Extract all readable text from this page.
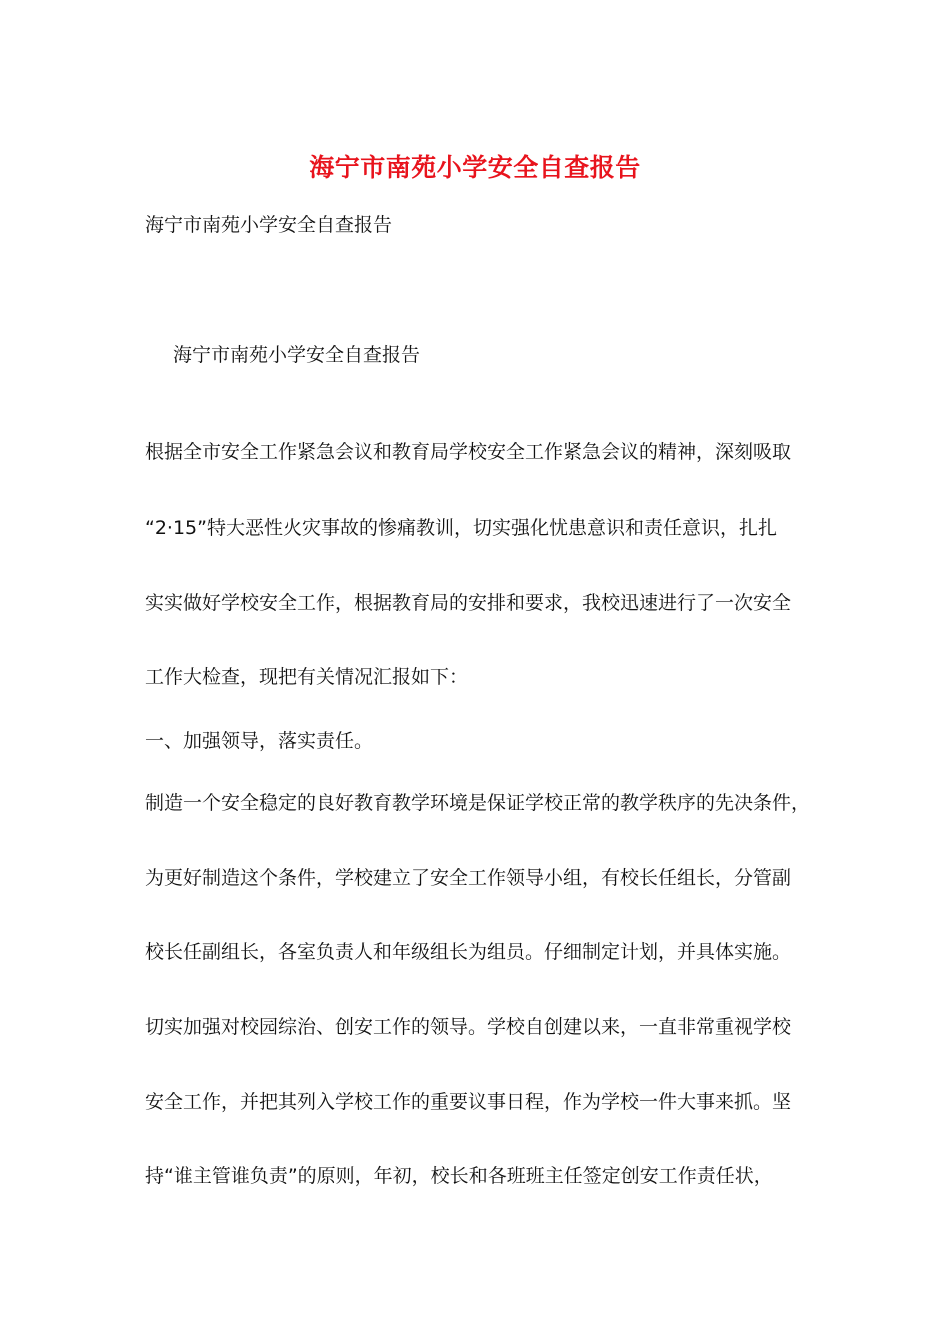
海宁市南苑小学安全自查报告
海宁市南苑小学安全自查报告
海宁市南苑小学安全自查报告
根据全市安全工作紧急会议和教育局学校安全工作紧急会议的精神，深刻吸取
“2·15”特大恶性火灾事故的惨痛教训，切实强化忧患意识和责任意识，扎扎
实实做好学校安全工作，根据教育局的安排和要求，我校迅速进行了一次安全
工作大检查，现把有关情况汇报如下：
一、加强领导，落实责任。
制造一个安全稳定的良好教育教学环境是保证学校正常的教学秩序的先决条件，
为更好制造这个条件，学校建立了安全工作领导小组，有校长任组长，分管副
校长任副组长，各室负责人和年级组长为组员。仔细制定计划，并具体实施。
切实加强对校园综治、创安工作的领导。学校自创建以来，一直非常重视学校
安全工作，并把其列入学校工作的重要议事日程，作为学校一件大事来抓。坚
持“谁主管谁负责”的原则，年初，校长和各班班主任签定创安工作责任状，
